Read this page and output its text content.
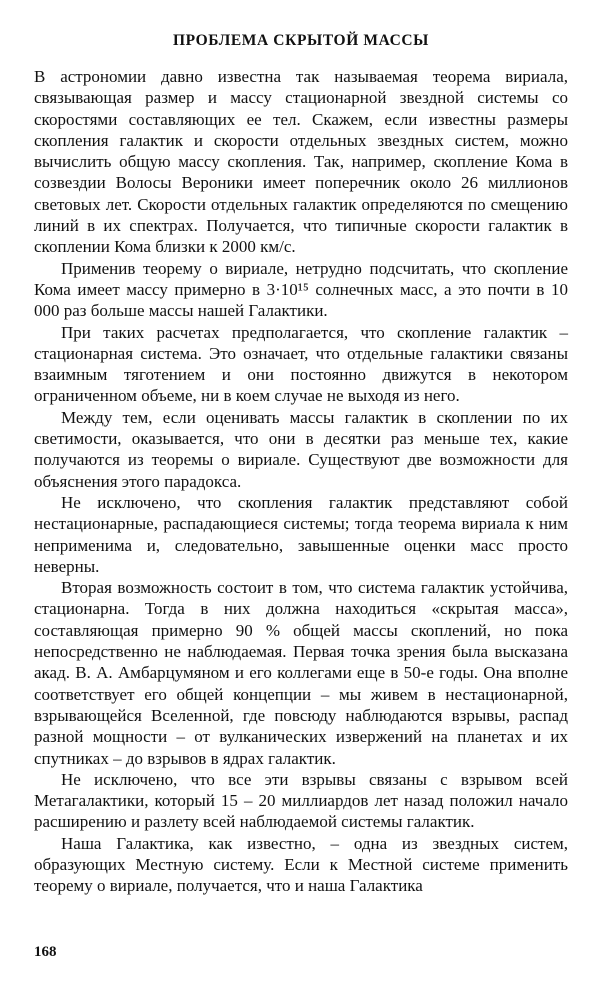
ПРОБЛЕМА СКРЫТОЙ МАССЫ

В астрономии давно известна так называемая теорема вириала, связывающая размер и массу стационарной звездной системы со скоростями составляющих ее тел. Скажем, если известны размеры скопления галактик и скорости отдельных звездных систем, можно вычислить общую массу скопления. Так, например, скопление Кома в созвездии Волосы Вероники имеет поперечник около 26 миллионов световых лет. Скорости отдельных галактик определяются по смещению линий в их спектрах. Получается, что типичные скорости галактик в скоплении Кома близки к 2000 км/с.

Применив теорему о вириале, нетрудно подсчитать, что скопление Кома имеет массу примерно в 3·10¹⁵ солнечных масс, а это почти в 10 000 раз больше массы нашей Галактики.

При таких расчетах предполагается, что скопление галактик – стационарная система. Это означает, что отдельные галактики связаны взаимным тяготением и они постоянно движутся в некотором ограниченном объеме, ни в коем случае не выходя из него.

Между тем, если оценивать массы галактик в скоплении по их светимости, оказывается, что они в десятки раз меньше тех, какие получаются из теоремы о вириале. Существуют две возможности для объяснения этого парадокса.

Не исключено, что скопления галактик представляют собой нестационарные, распадающиеся системы; тогда теорема вириала к ним неприменима и, следовательно, завышенные оценки масс просто неверны.

Вторая возможность состоит в том, что система галактик устойчива, стационарна. Тогда в них должна находиться «скрытая масса», составляющая примерно 90 % общей массы скоплений, но пока непосредственно не наблюдаемая. Первая точка зрения была высказана акад. В. А. Амбарцумяном и его коллегами еще в 50-е годы. Она вполне соответствует его общей концепции – мы живем в нестационарной, взрывающейся Вселенной, где повсюду наблюдаются взрывы, распад разной мощности – от вулканических извержений на планетах и их спутниках – до взрывов в ядрах галактик.

Не исключено, что все эти взрывы связаны с взрывом всей Метагалактики, который 15 – 20 миллиардов лет назад положил начало расширению и разлету всей наблюдаемой системы галактик.

Наша Галактика, как известно, – одна из звездных систем, образующих Местную систему. Если к Местной системе применить теорему о вириале, получается, что и наша Галактика

168
